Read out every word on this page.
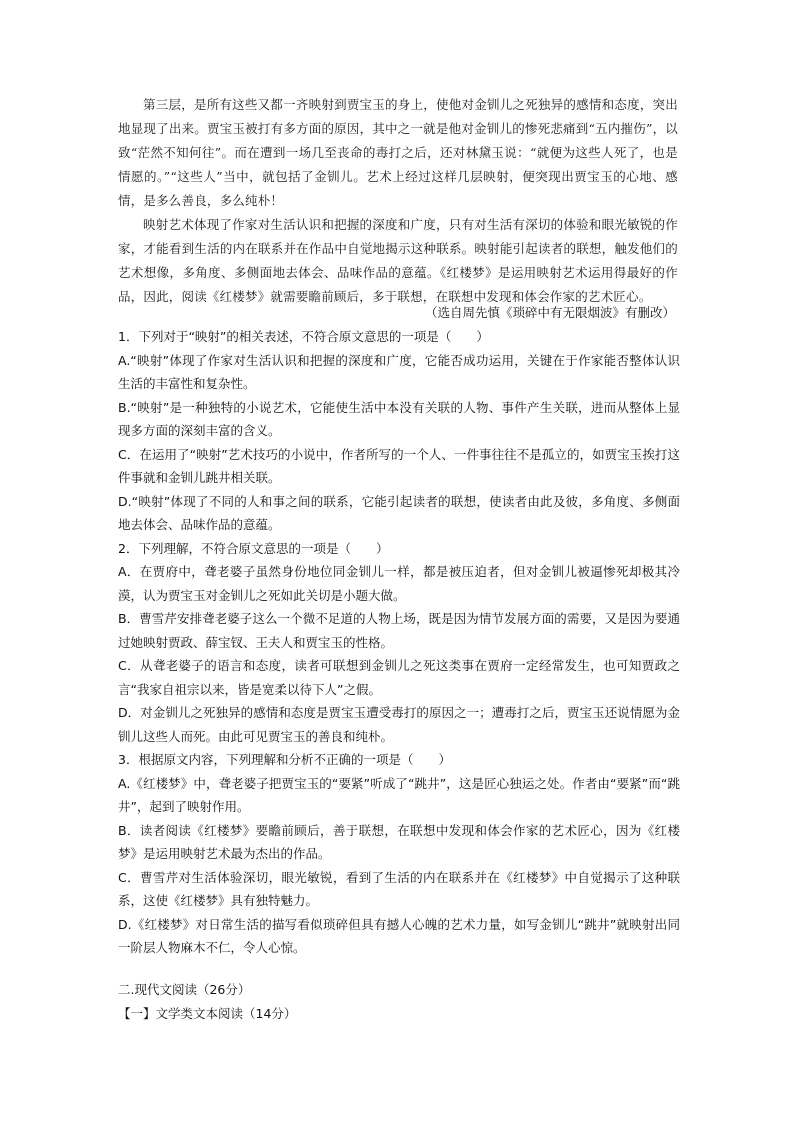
第三层，是所有这些又都一齐映射到贾宝玉的身上，使他对金钏儿之死独异的感情和态度，突出地显现了出来。贾宝玉被打有多方面的原因，其中之一就是他对金钏儿的惨死悲痛到“五内摧伤”，以致“茫然不知何往”。而在遭到一场几至丧命的毒打之后，还对林黛玉说：“就便为这些人死了，也是情愿的。”“这些人”当中，就包括了金钏儿。艺术上经过这样几层映射，便突现出贾宝玉的心地、感情，是多么善良，多么纯朴！

映射艺术体现了作家对生活认识和把握的深度和广度，只有对生活有深切的体验和眼光敏锐的作家，才能看到生活的内在联系并在作品中自觉地揭示这种联系。映射能引起读者的联想，触发他们的艺术想像，多角度、多侧面地去体会、品味作品的意蕴。《红楼梦》是运用映射艺术运用得最好的作品，因此，阅读《红楼梦》就需要瞻前顾后，多于联想，在联想中发现和体会作家的艺术匠心。

（选自周先慎《琐碎中有无限烟波》有删改）
1．下列对于“映射”的相关表述，不符合原文意思的一项是（　　）
A.“映射”体现了作家对生活认识和把握的深度和广度，它能否成功运用，关键在于作家能否整体认识生活的丰富性和复杂性。
B.“映射”是一种独特的小说艺术，它能使生活中本没有关联的人物、事件产生关联，进而从整体上显现多方面的深刻丰富的含义。
C．在运用了“映射”艺术技巧的小说中，作者所写的一个人、一件事往往不是孤立的，如贾宝玉挨打这件事就和金钏儿跳井相关联。
D.“映射”体现了不同的人和事之间的联系，它能引起读者的联想，使读者由此及彼，多角度、多侧面地去体会、品味作品的意蕴。
2．下列理解，不符合原文意思的一项是（　　）
A．在贾府中，聋老婆子虽然身份地位同金钏儿一样，都是被压迫者，但对金钏儿被逼惨死却极其冷漠，认为贾宝玉对金钏儿之死如此关切是小题大做。
B．曹雪芹安排聋老婆子这么一个微不足道的人物上场，既是因为情节发展方面的需要，又是因为要通过她映射贾政、薛宝钗、王夫人和贾宝玉的性格。
C．从聋老婆子的语言和态度，读者可联想到金钏儿之死这类事在贾府一定经常发生，也可知贾政之言“我家自祖宗以来，皆是宽柔以待下人”之假。
D．对金钏儿之死独异的感情和态度是贾宝玉遭受毒打的原因之一；遭毒打之后，贾宝玉还说情愿为金钏儿这些人而死。由此可见贾宝玉的善良和纯朴。
3．根据原文内容，下列理解和分析不正确的一项是（　　）
A.《红楼梦》中，聋老婆子把贾宝玉的“要紧”听成了“跳井”，这是匠心独运之处。作者由“要紧”而“跳井”，起到了映射作用。
B．读者阅读《红楼梦》要瞻前顾后，善于联想，在联想中发现和体会作家的艺术匠心，因为《红楼梦》是运用映射艺术最为杰出的作品。
C．曹雪芹对生活体验深切，眼光敏锐，看到了生活的内在联系并在《红楼梦》中自觉揭示了这种联系，这使《红楼梦》具有独特魅力。
D.《红楼梦》对日常生活的描写看似琐碎但具有撼人心魄的艺术力量，如写金钏儿“跳井”就映射出同一阶层人物麻木不仁，令人心惊。
二.现代文阅读（26分）
【一】文学类文本阅读（14分）
